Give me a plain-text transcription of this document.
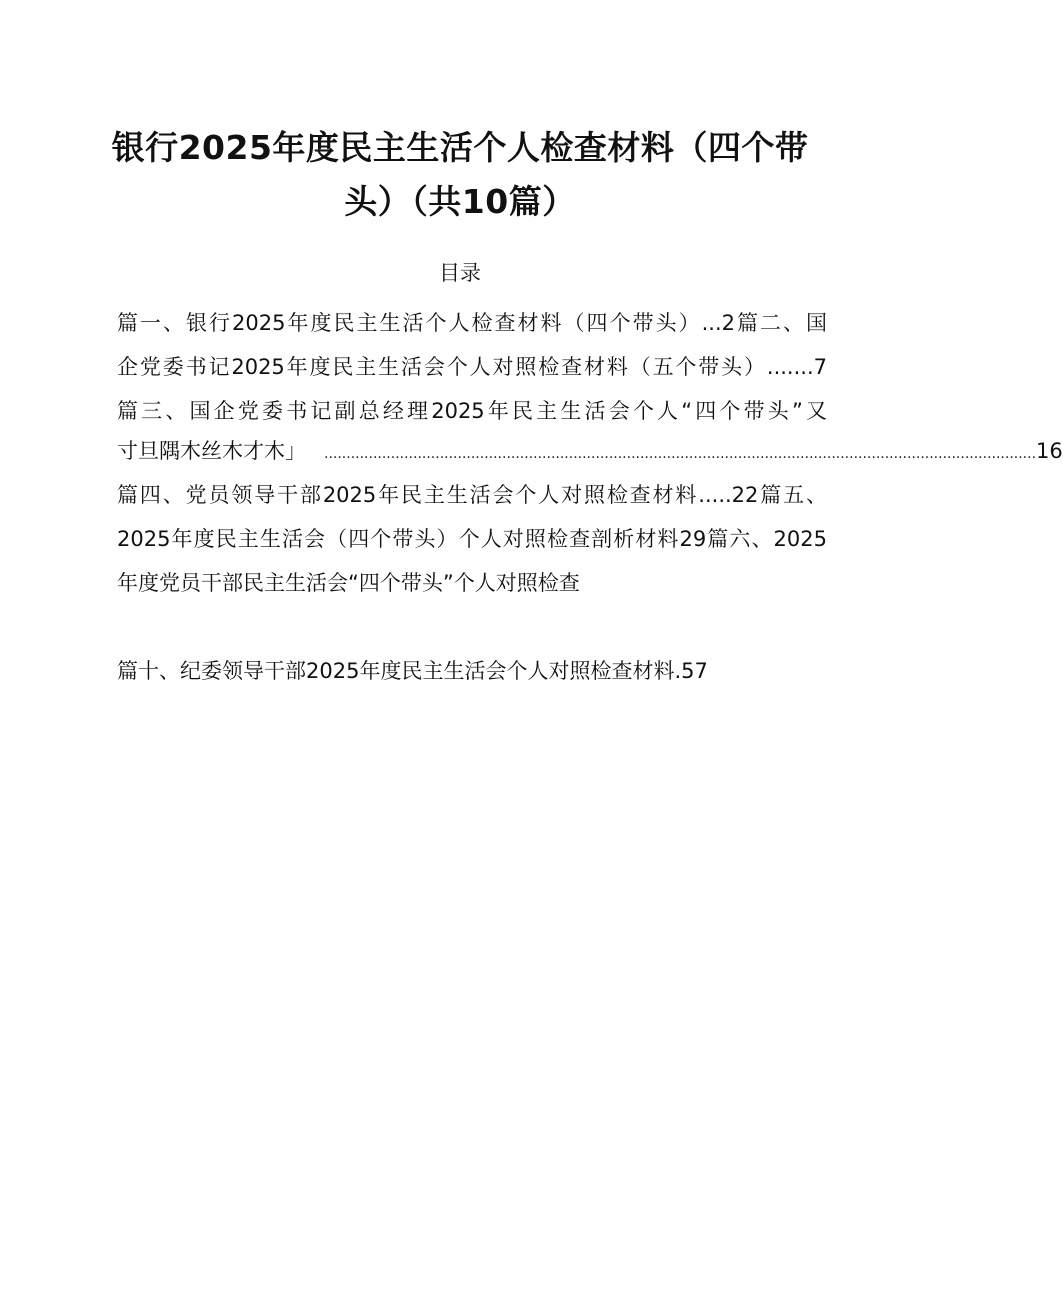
银行2025年度民主生活个人检查材料（四个带
头）（共10篇）
目录
篇一、银行2025年度民主生活个人检查材料（四个带头）...2篇二、国
企党委书记2025年度民主生活会个人对照检查材料（五个带头）.......7
篇三、国企党委书记副总经理2025年民主生活会个人“四个带头”又
寸旦隅木丝木才木」	................................................................................................................................................................ 16
篇四、党员领导干部2025年民主生活会个人对照检查材料.....22篇五、
2025年度民主生活会（四个带头）个人对照检查剖析材料29篇六、2025
年度党员干部民主生活会“四个带头”个人对照检查
篇十、纪委领导干部2025年度民主生活会个人对照检查材料.57
